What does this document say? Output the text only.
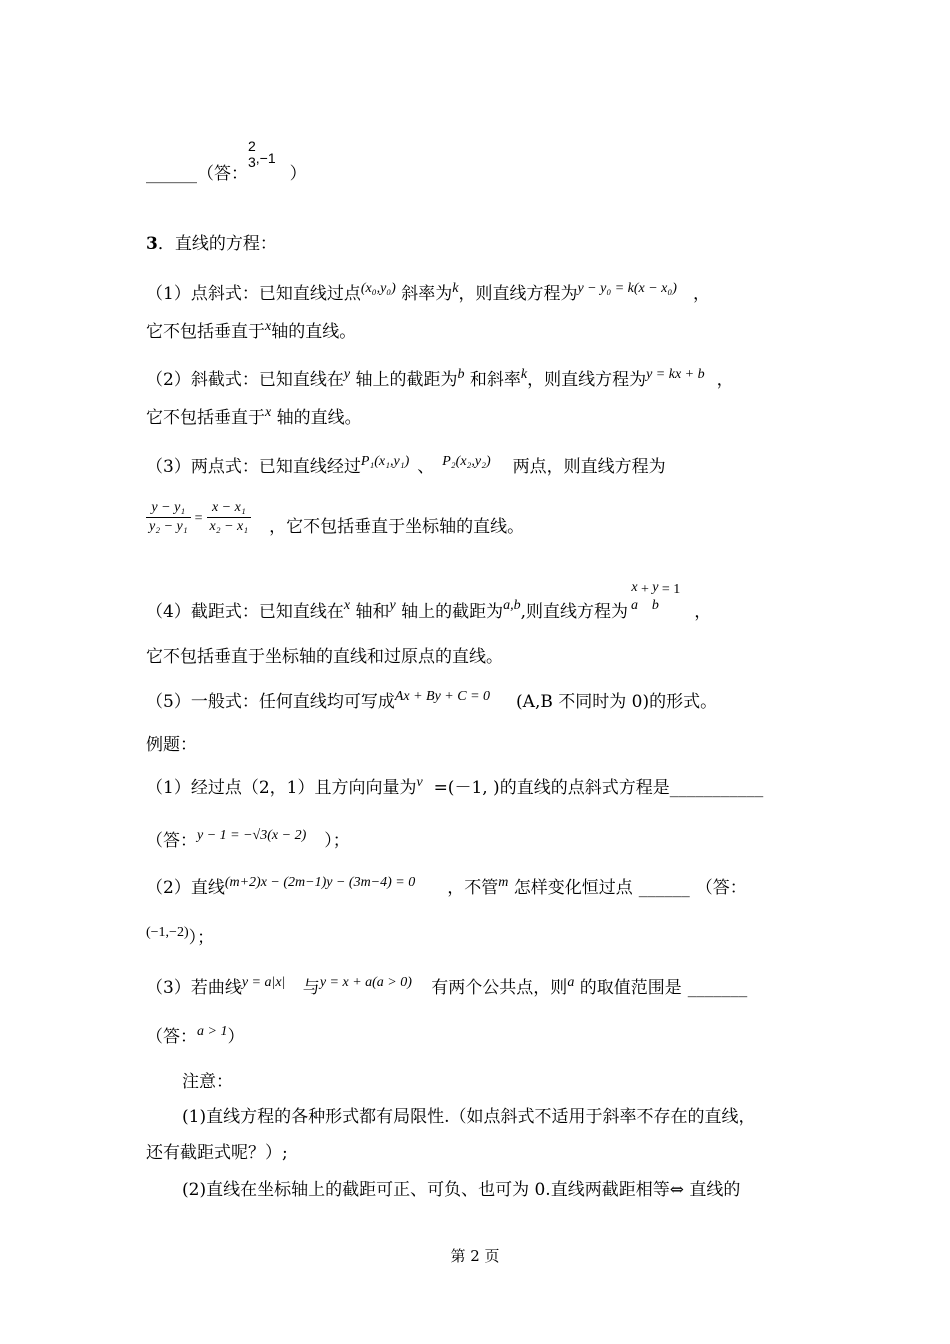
______（答：
2
3 $^{,-1}$）
3．直线的方程：
（1）点斜式：已知直线过点$^{(x_0,y_0)}$ 斜率为$^k$，则直线方程为$^{y - y_0 = k(x - x_0)}$ ，
它不包括垂直于$^x$轴的直线。
（2）斜截式：已知直线在$^y$ 轴上的截距为$^b$ 和斜率$^k$，则直线方程为$^{y = kx + b}$ ，
它不包括垂直于$^x$ 轴的直线。
（3）两点式：已知直线经过$^{P_1(x_1,y_1)}$ 、 $^{P_2(x_2,y_2)}$ 两点，则直线方程为
$\frac{\text{y − y₁}}{\text{y₂ − y₁}} = \frac{\text{x − x₁}}{\text{x₂ − x₁}}$ ，它不包括垂直于坐标轴的直线。
（4）截距式：已知直线在$_x$ 轴和$_y$ 轴上的截距为$_{a,b}$,则直线方程为
x
a
+ y
b
$^{= 1}$，
它不包括垂直于坐标轴的直线和过原点的直线。
（5）一般式：任何直线均可写成$^{Ax + By + C = 0}$ (A,B 不同时为 0)的形式。
例题：
（1）经过点（2，1）且方向向量为$^{v⃗}$=(－1, )的直线的点斜式方程是___________
（答：$^{y - 1 = -√3(x - 2)}$ ）；
（2）直线$^{(m+2)x - (2m-1)y - (3m-4) = 0}$ ，不管$^m$ 怎样变化恒过点 ______ （答：
$^{(-1,-2)}$）；
（3）若曲线$^{y = a|x|}$ 与$^{y = x + a(a > 0)}$ 有两个公共点，则$^a$ 的取值范围是 _______
（答：$^{a > 1}$）
注意：
(1)直线方程的各种形式都有局限性.（如点斜式不适用于斜率不存在的直线，
还有截距式呢？）;
(2)直线在坐标轴上的截距可正、可负、也可为 0.直线两截距相等⇔ 直线的
第 2 页
